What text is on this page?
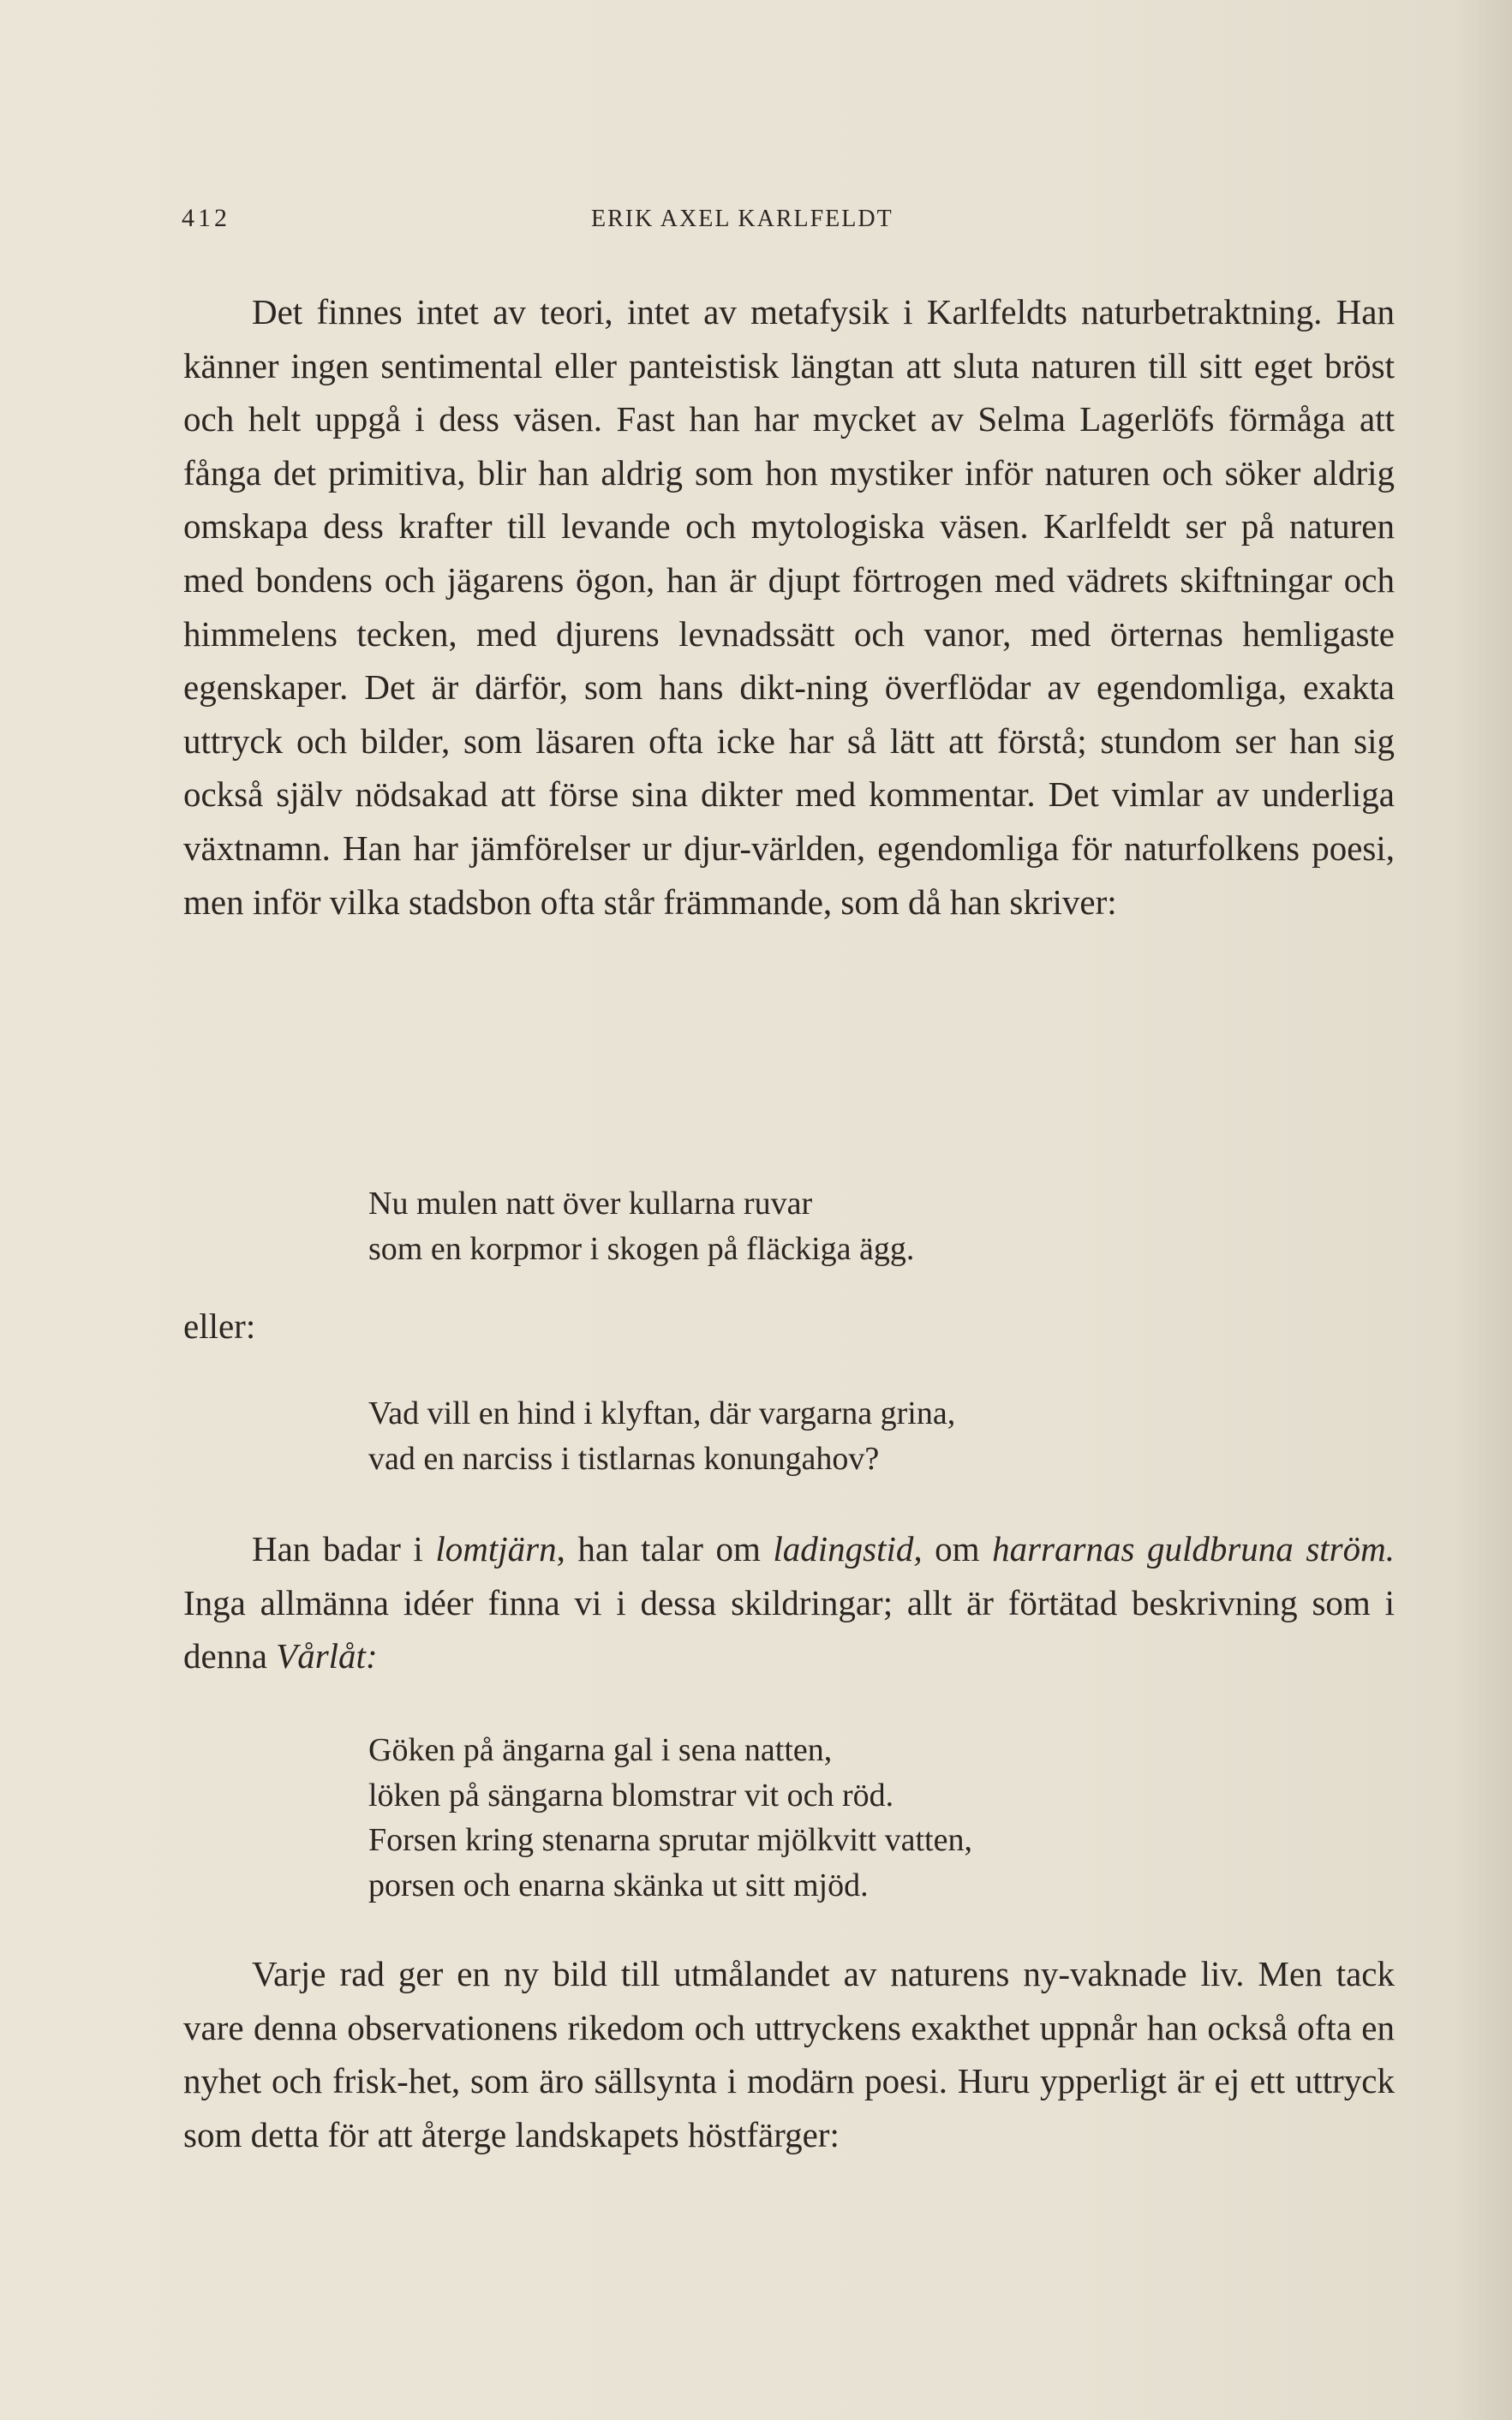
412	ERIK AXEL KARLFELDT

Det finnes intet av teori, intet av metafysik i Karlfeldts naturbetraktning. Han känner ingen sentimental eller panteistisk längtan att sluta naturen till sitt eget bröst och helt uppgå i dess väsen. Fast han har mycket av Selma Lagerlöfs förmåga att fånga det primitiva, blir han aldrig som hon mystiker inför naturen och söker aldrig omskapa dess krafter till levande och mytologiska väsen. Karlfeldt ser på naturen med bondens och jägarens ögon, han är djupt förtrogen med vädrets skiftningar och himmelens tecken, med djurens levnadssätt och vanor, med örternas hemligaste egenskaper. Det är därför, som hans dikt-ning överflödar av egendomliga, exakta uttryck och bilder, som läsaren ofta icke har så lätt att förstå; stundom ser han sig också själv nödsakad att förse sina dikter med kommentar. Det vimlar av underliga växtnamn. Han har jämförelser ur djur-världen, egendomliga för naturfolkens poesi, men inför vilka stadsbon ofta står främmande, som då han skriver:

Nu mulen natt över kullarna ruvar
som en korpmor i skogen på fläckiga ägg.

eller:

Vad vill en hind i klyftan, där vargarna grina,
vad en narciss i tistlarnas konungahov?

Han badar i lomtjärn, han talar om ladingstid, om harrarnas guldbruna ström. Inga allmänna idéer finna vi i dessa skildringar; allt är förtätad beskrivning som i denna Vårlåt:

Göken på ängarna gal i sena natten,
löken på sängarna blomstrar vit och röd.
Forsen kring stenarna sprutar mjölkvitt vatten,
porsen och enarna skänka ut sitt mjöd.

Varje rad ger en ny bild till utmålandet av naturens ny-vaknade liv. Men tack vare denna observationens rikedom och uttryckens exakthet uppnår han också ofta en nyhet och frisk-het, som äro sällsynta i modärn poesi. Huru ypperligt är ej ett uttryck som detta för att återge landskapets höstfärger:
